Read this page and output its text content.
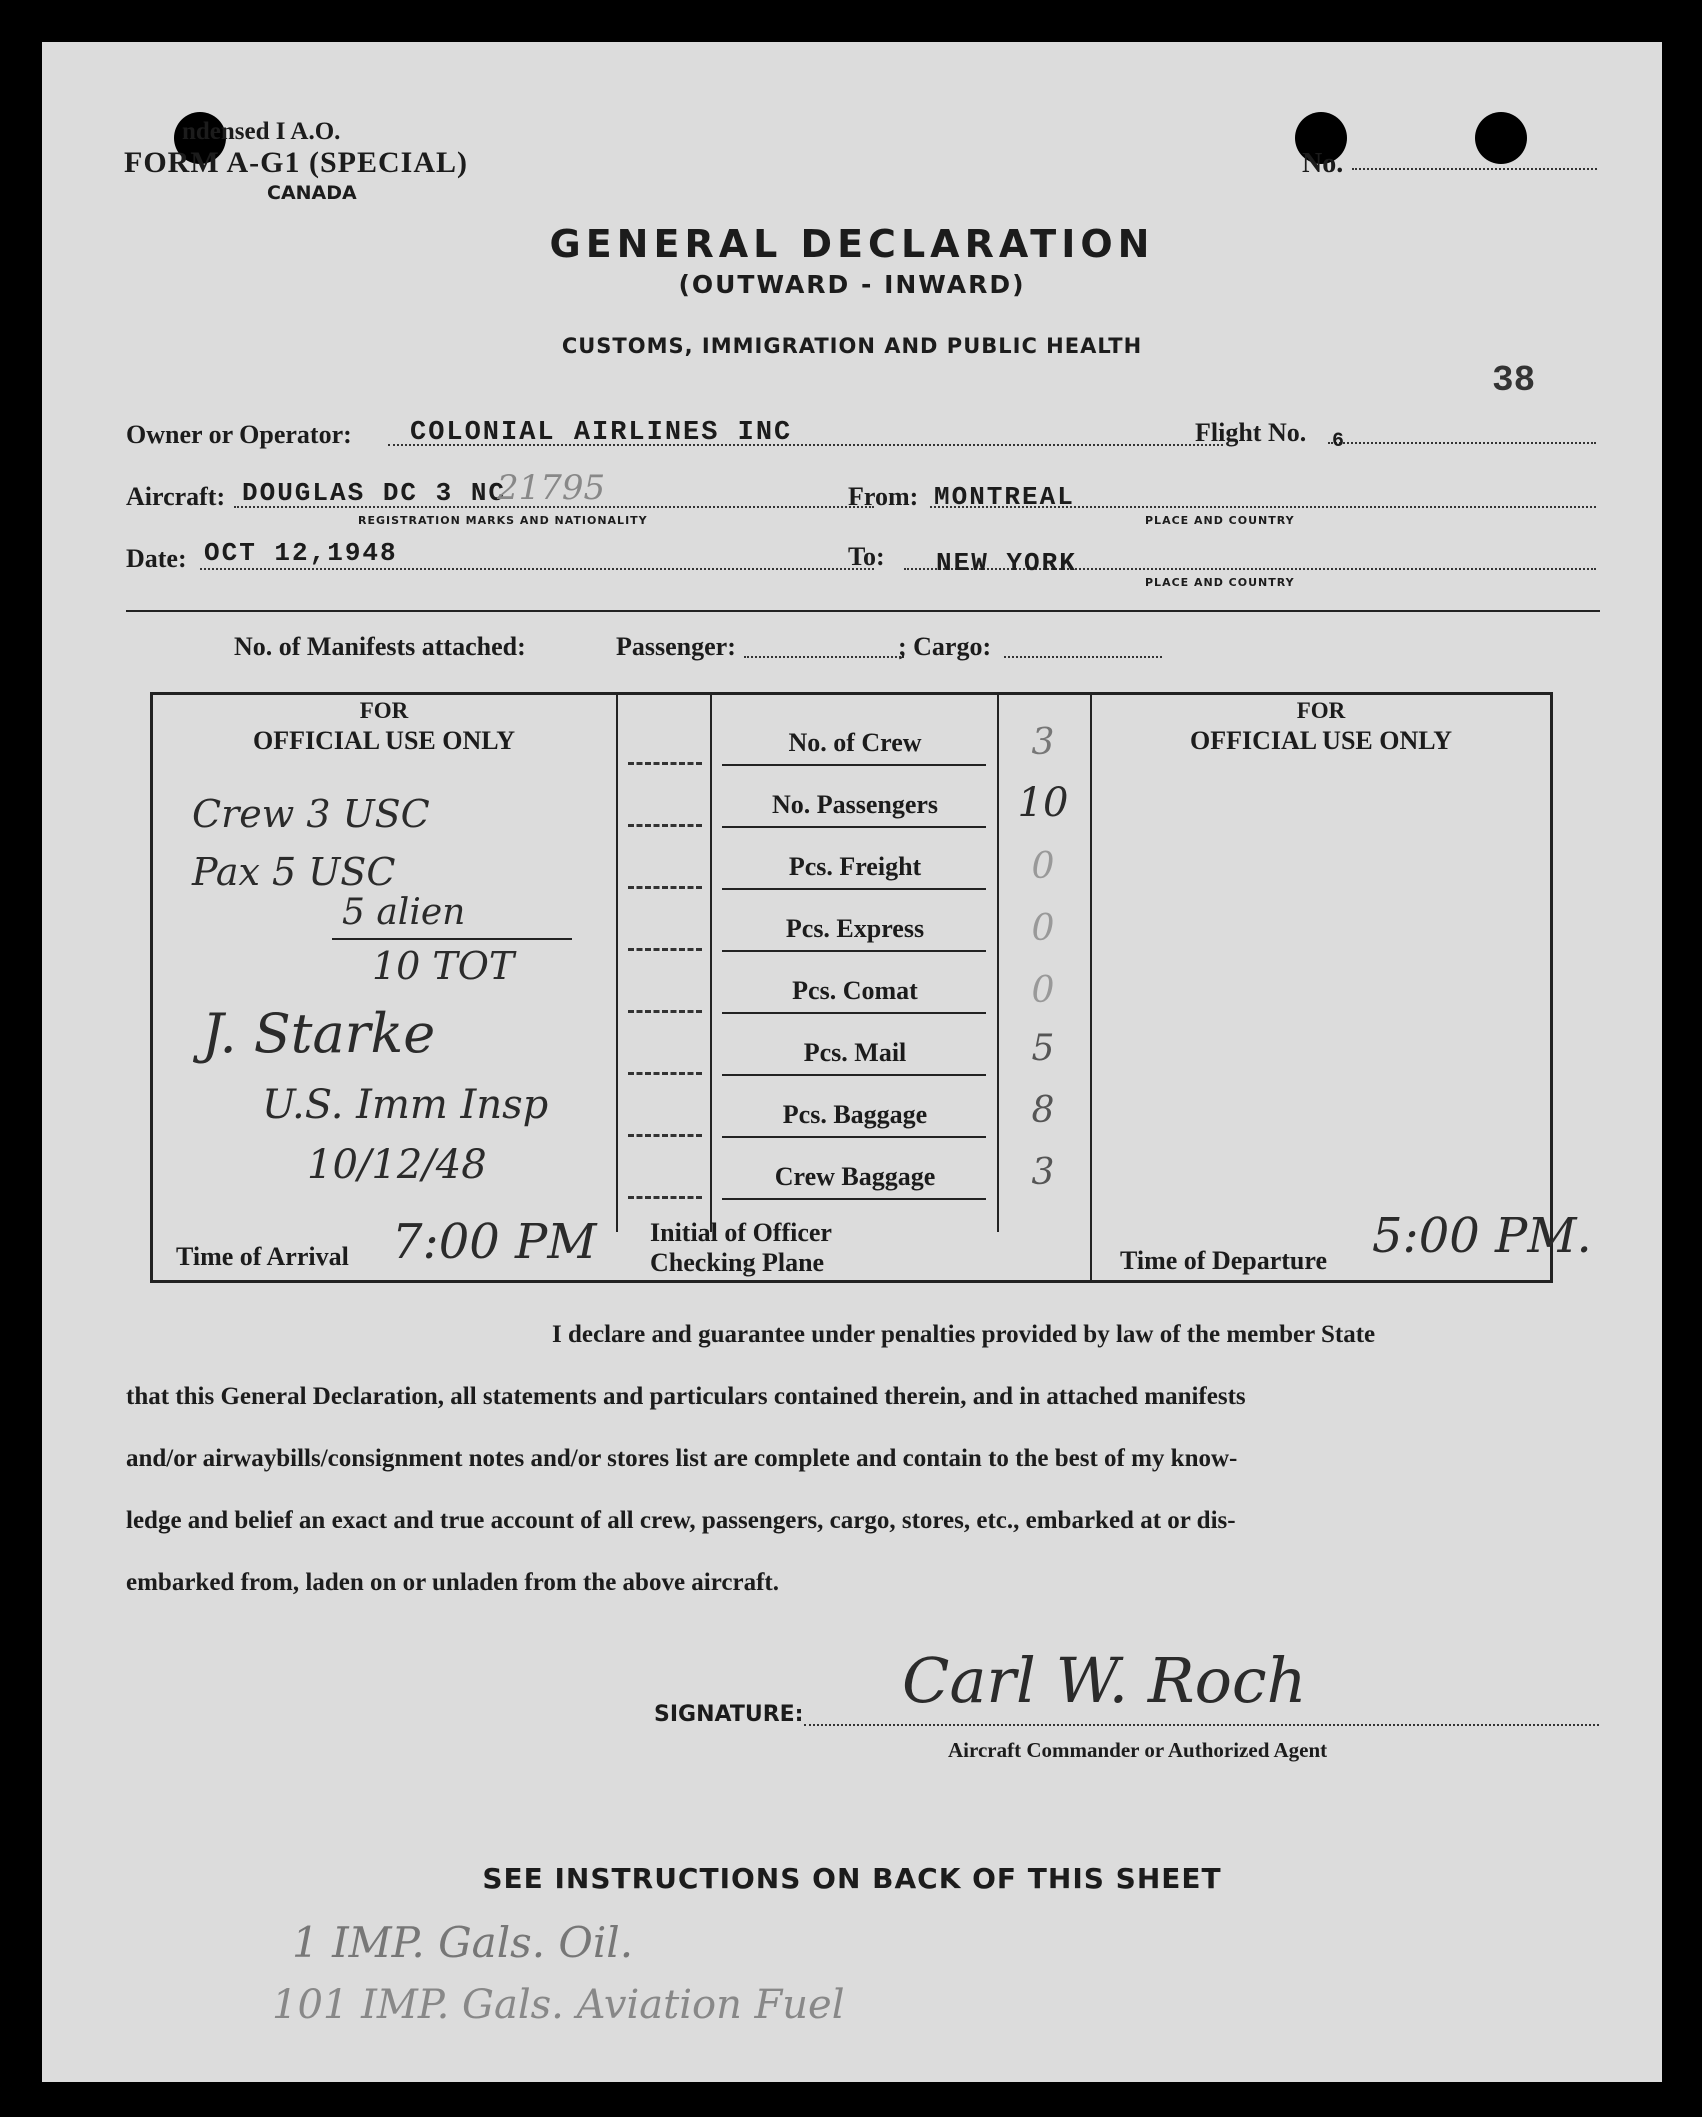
ndensed I A.O.
FORM A-G1 (SPECIAL)
CANADA
No.
GENERAL DECLARATION
(OUTWARD - INWARD)
CUSTOMS, IMMIGRATION AND PUBLIC HEALTH
38
Owner or Operator: COLONIAL AIRLINES INC	Flight No. 6
Aircraft: DOUGLAS DC 3 NC
21795
REGISTRATION MARKS AND NATIONALITY
From: MONTREAL
PLACE AND COUNTRY
Date: OCT 12,1948	To: NEW YORK
PLACE AND COUNTRY
No. of Manifests attached:	Passenger:	; Cargo:
FOR
OFFICIAL USE ONLY
FOR
OFFICIAL USE ONLY
No. of Crew	3
No. Passengers	10
Pcs. Freight	0
Pcs. Express	0
Pcs. Comat	0
Pcs. Mail	5
Pcs. Baggage	8
Crew Baggage	3
Crew 3 USC
Pax 5 USC
5 alien
10 TOT
J. Starke
U.S. Imm Insp
10/12/48
Time of Arrival 7:00 PM Initial of Officer
Checking Plane	Time of Departure 5:00 PM.
I declare and guarantee under penalties provided by law of the member State
that this General Declaration, all statements and particulars contained therein, and in attached manifests
and/or airwaybills/consignment notes and/or stores list are complete and contain to the best of my know-
ledge and belief an exact and true account of all crew, passengers, cargo, stores, etc., embarked at or dis-
embarked from, laden on or unladen from the above aircraft.
SIGNATURE: Carl W. Roch
Aircraft Commander or Authorized Agent
SEE INSTRUCTIONS ON BACK OF THIS SHEET
1 IMP. Gals. Oil.
101 IMP. Gals. Aviation Fuel
